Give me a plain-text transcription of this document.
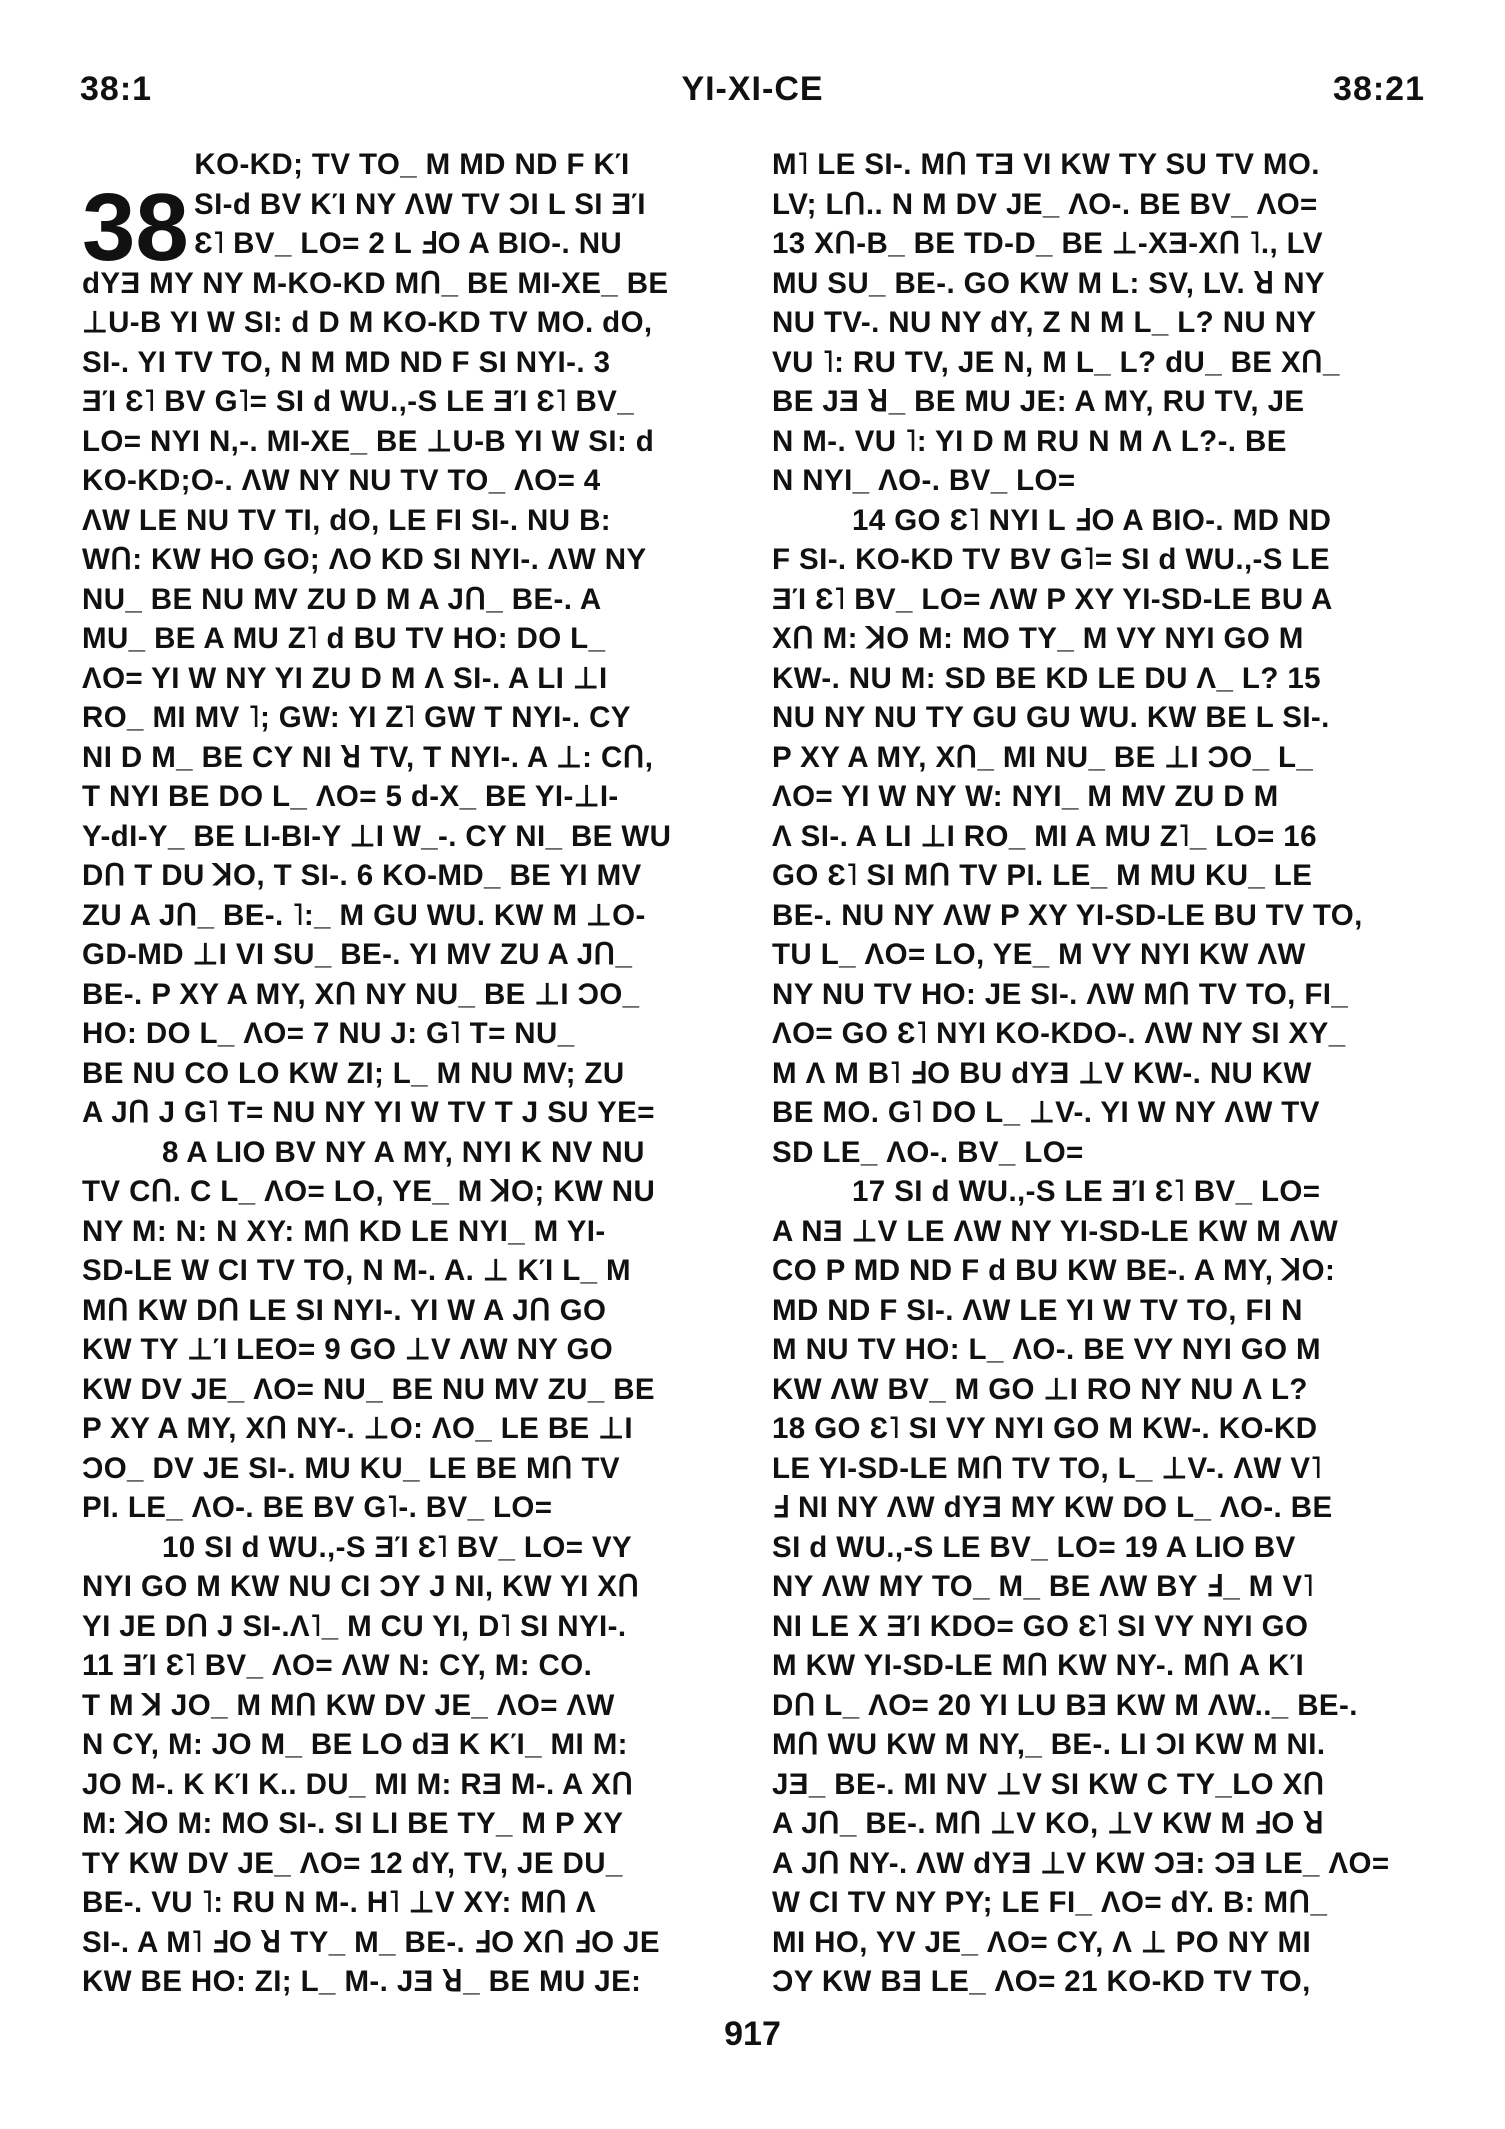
38:1	YI-XI-CE	38:21
38
KO-KD; TV TO_ M MD ND F ΚΊ
SI-d BV ΚΊ NY ΛW TV ƆI L SI ƎΊ
Ɛ˥ BV_ LO= 2 L ℲO A BIO-. NU
dYƎ MY NY M-KO-KD MՈ_ BE MI-XE_ BE
⊥U-B YI W SI: d D M KO-KD TV MO. dO,
SI-. YI TV TO, N M MD ND F SI NYI-. 3
ƎΊ Ɛ˥ BV G˥= SI d WU.,-S LE ƎΊ Ɛ˥ BV_
LO= NYI N,-. MI-XE_ BE ⊥U-B YI W SI: d
KO-KD;O-. ΛW NY NU TV TO_ ΛO= 4
ΛW LE NU TV TI, dO, LE FI SI-. NU B:
WՈ: KW HO GO; ΛO KD SI NYI-. ΛW NY
NU_ BE NU MV ZU D M A JՈ_ BE-. A
MU_ BE A MU Z˥ d BU TV HO: DO L_
ΛO= YI W NY YI ZU D M Λ SI-. A LI ⊥I
RO_ MI MV ˥; GW: YI Z˥ GW T NYI-. CY
NI D M_ BE CY NI ꓤ TV, T NYI-. A ⊥: CՈ,
T NYI BE DO L_ ΛO= 5 d-X_ BE YI-⊥I-
Y-dI-Y_ BE LI-BI-Y ⊥I W_-. CY NI_ BE WU
DՈ T DU ꓘO, T SI-. 6 KO-MD_ BE YI MV
ZU A JՈ_ BE-. ˥:_ M GU WU. KW M ⊥O-
GD-MD ⊥I VI SU_ BE-. YI MV ZU A JՈ_
BE-. P XY A MY, XՈ NY NU_ BE ⊥I ƆO_
HO: DO L_ ΛO= 7 NU J: G˥ T= NU_
BE NU CO LO KW ZI; L_ M NU MV; ZU
A JՈ J G˥ T= NU NY YI W TV T J SU YE=
8 A LIO BV NY A MY, NYI K NV NU
TV CՈ. C L_ ΛO= LO, YE_ M ꓘO; KW NU
NY M: N: N XY: MՈ KD LE NYI_ M YI-
SD-LE W CI TV TO, N M-. A. ⊥ ΚΊ L_ M
MՈ KW DՈ LE SI NYI-. YI W A JՈ GO
KW TY ⊥Ί LEO= 9 GO ⊥V ΛW NY GO
KW DV JE_ ΛO= NU_ BE NU MV ZU_ BE
P XY A MY, XՈ NY-. ⊥O: ΛO_ LE BE ⊥I
ƆO_ DV JE SI-. MU KU_ LE BE MՈ TV
PI. LE_ ΛO-. BE BV G˥-. BV_ LO=
10 SI d WU.,-S ƎΊ Ɛ˥ BV_ LO= VY
NYI GO M KW NU CI ƆY J NI, KW YI XՈ
YI JE DՈ J SI-.Λ˥_ M CU YI, D˥ SI NYI-.
11 ƎΊ Ɛ˥ BV_ ΛO= ΛW N: CY, M: CO.
T M ꓘ JO_ M MՈ KW DV JE_ ΛO= ΛW
N CY, M: JO M_ BE LO dƎ K ΚΊ_ MI M:
JO M-. K ΚΊ K.. DU_ MI M: RƎ M-. A XՈ
M: ꓘO M: MO SI-. SI LI BE TY_ M P XY
TY KW DV JE_ ΛO= 12 dY, TV, JE DU_
BE-. VU ˥: RU N M-. H˥ ⊥V XY: MՈ Λ
SI-. A M˥ ℲO ꓤ TY_ M_ BE-. ℲO XՈ ℲO JE
KW BE HO: ZI; L_ M-. JƎ ꓤ_ BE MU JE:
M˥ LE SI-. MՈ TƎ VI KW TY SU TV MO.
LV; LՈ.. N M DV JE_ ΛO-. BE BV_ ΛO=
13 XՈ-B_ BE TD-D_ BE ⊥-XƎ-XՈ ˥., LV
MU SU_ BE-. GO KW M L: SV, LV. ꓤ NY
NU TV-. NU NY dY, Z N M L_ L? NU NY
VU ˥: RU TV, JE N, M L_ L? dU_ BE XՈ_
BE JƎ ꓤ_ BE MU JE: A MY, RU TV, JE
N M-. VU ˥: YI D M RU N M Λ L?-. BE
N NYI_ ΛO-. BV_ LO=
14 GO Ɛ˥ NYI L ℲO A BIO-. MD ND
F SI-. KO-KD TV BV G˥= SI d WU.,-S LE
ƎΊ Ɛ˥ BV_ LO= ΛW P XY YI-SD-LE BU A
XՈ M: ꓘO M: MO TY_ M VY NYI GO M
KW-. NU M: SD BE KD LE DU Λ_ L? 15
NU NY NU TY GU GU WU. KW BE L SI-.
P XY A MY, XՈ_ MI NU_ BE ⊥I ƆO_ L_
ΛO= YI W NY W: NYI_ M MV ZU D M
Λ SI-. A LI ⊥I RO_ MI A MU Z˥_ LO= 16
GO Ɛ˥ SI MՈ TV PI. LE_ M MU KU_ LE
BE-. NU NY ΛW P XY YI-SD-LE BU TV TO,
TU L_ ΛO= LO, YE_ M VY NYI KW ΛW
NY NU TV HO: JE SI-. ΛW MՈ TV TO, FI_
ΛO= GO Ɛ˥ NYI KO-KDO-. ΛW NY SI XY_
M Λ M B˥ ℲO BU dYƎ ⊥V KW-. NU KW
BE MO. G˥ DO L_ ⊥V-. YI W NY ΛW TV
SD LE_ ΛO-. BV_ LO=
17 SI d WU.,-S LE ƎΊ Ɛ˥ BV_ LO=
A NƎ ⊥V LE ΛW NY YI-SD-LE KW M ΛW
CO P MD ND F d BU KW BE-. A MY, ꓘO:
MD ND F SI-. ΛW LE YI W TV TO, FI N
M NU TV HO: L_ ΛO-. BE VY NYI GO M
KW ΛW BV_ M GO ⊥I RO NY NU Λ L?
18 GO Ɛ˥ SI VY NYI GO M KW-. KO-KD
LE YI-SD-LE MՈ TV TO, L_ ⊥V-. ΛW V˥
Ⅎ NI NY ΛW dYƎ MY KW DO L_ ΛO-. BE
SI d WU.,-S LE BV_ LO= 19 A LIO BV
NY ΛW MY TO_ M_ BE ΛW BY Ⅎ_ M V˥
NI LE X ƎΊ KDO= GO Ɛ˥ SI VY NYI GO
M KW YI-SD-LE MՈ KW NY-. MՈ A ΚΊ
DՈ L_ ΛO= 20 YI LU BƎ KW M ΛW.._ BE-.
MՈ WU KW M NY,_ BE-. LI ƆI KW M NI.
JƎ_ BE-. MI NV ⊥V SI KW C TY_LO XՈ
A JՈ_ BE-. MՈ ⊥V KO, ⊥V KW M ℲO ꓤ
A JՈ NY-. ΛW dYƎ ⊥V KW ƆƎ: ƆƎ LE_ ΛO=
W CI TV NY PY; LE FI_ ΛO= dY. B: MՈ_
MI HO, YV JE_ ΛO= CY, Λ ⊥ PO NY MI
ƆY KW BƎ LE_ ΛO= 21 KO-KD TV TO,
917
